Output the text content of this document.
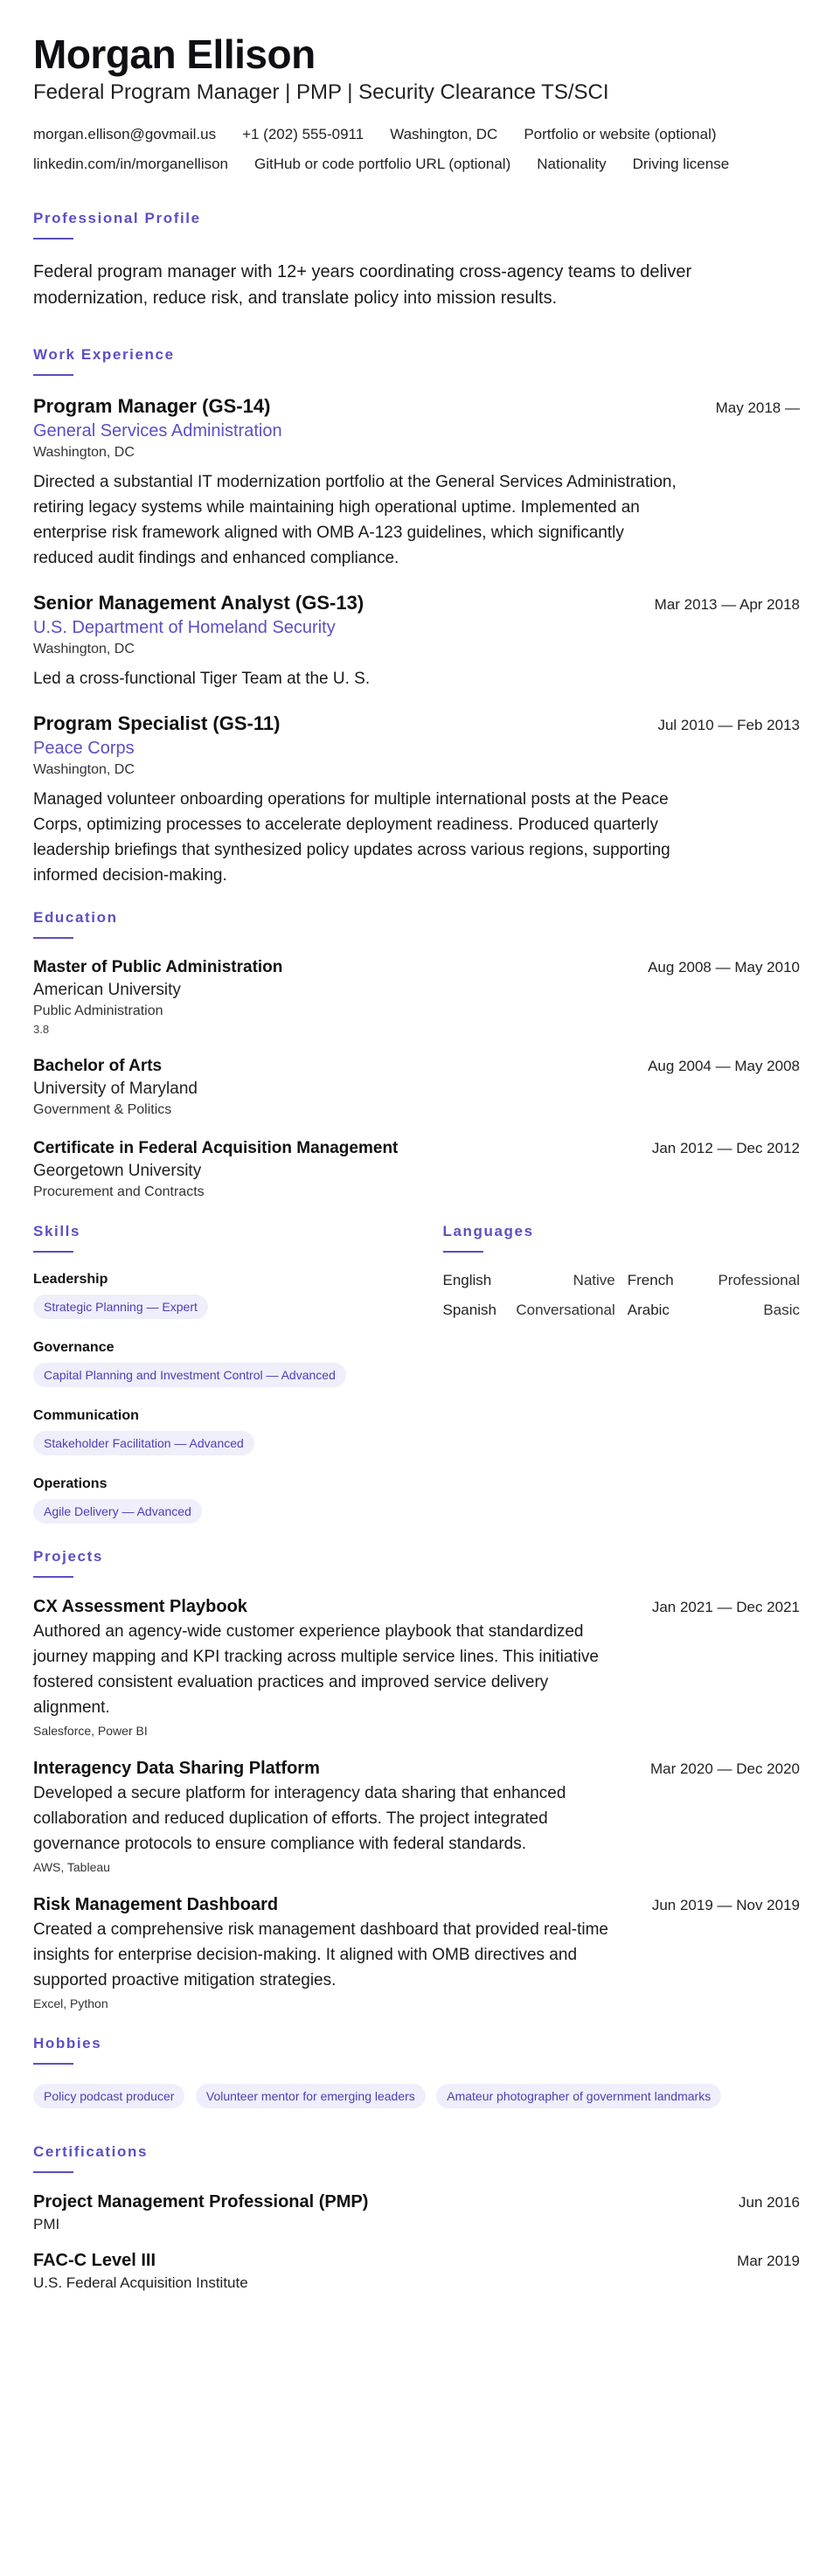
Morgan Ellison
Federal Program Manager | PMP | Security Clearance TS/SCI
morgan.ellison@govmail.us +1 (202) 555-0911 Washington, DC Portfolio or website (optional)
linkedin.com/in/morganellison GitHub or code portfolio URL (optional) Nationality Driving license
Professional Profile

Federal program manager with 12+ years coordinating cross-agency teams to deliver modernization, reduce risk, and translate policy into mission results.

Work Experience
Program Manager (GS-14)	May 2018 —
General Services Administration
Washington, DC
Directed a substantial IT modernization portfolio at the General Services Administration, retiring legacy systems while maintaining high operational uptime. Implemented an enterprise risk framework aligned with OMB A-123 guidelines, which significantly reduced audit findings and enhanced compliance.
Senior Management Analyst (GS-13)	Mar 2013 — Apr 2018
U.S. Department of Homeland Security
Washington, DC
Led a cross-functional Tiger Team at the U. S.
Program Specialist (GS-11)	Jul 2010 — Feb 2013
Peace Corps
Washington, DC
Managed volunteer onboarding operations for multiple international posts at the Peace Corps, optimizing processes to accelerate deployment readiness. Produced quarterly leadership briefings that synthesized policy updates across various regions, supporting informed decision-making.
Education
Master of Public Administration	Aug 2008 — May 2010
American University
Public Administration
3.8
Bachelor of Arts	Aug 2004 — May 2008
University of Maryland
Government & Politics
Certificate in Federal Acquisition Management	Jan 2012 — Dec 2012
Georgetown University
Procurement and Contracts
Skills
Leadership
Strategic Planning — Expert
Governance
Capital Planning and Investment Control — Advanced
Communication
Stakeholder Facilitation — Advanced
Operations
Agile Delivery — Advanced
Languages
English	Native French	Professional
Spanish Conversational Arabic	Basic
Projects
CX Assessment Playbook	Jan 2021 — Dec 2021
Authored an agency-wide customer experience playbook that standardized journey mapping and KPI tracking across multiple service lines. This initiative fostered consistent evaluation practices and improved service delivery alignment.
Salesforce, Power BI
Interagency Data Sharing Platform	Mar 2020 — Dec 2020
Developed a secure platform for interagency data sharing that enhanced collaboration and reduced duplication of efforts. The project integrated governance protocols to ensure compliance with federal standards.
AWS, Tableau
Risk Management Dashboard	Jun 2019 — Nov 2019
Created a comprehensive risk management dashboard that provided real-time insights for enterprise decision-making. It aligned with OMB directives and supported proactive mitigation strategies.
Excel, Python
Hobbies
Policy podcast producer	Volunteer mentor for emerging leaders	Amateur photographer of government landmarks
Certifications
Project Management Professional (PMP)	Jun 2016
PMI
FAC-C Level III	Mar 2019
U.S. Federal Acquisition Institute
